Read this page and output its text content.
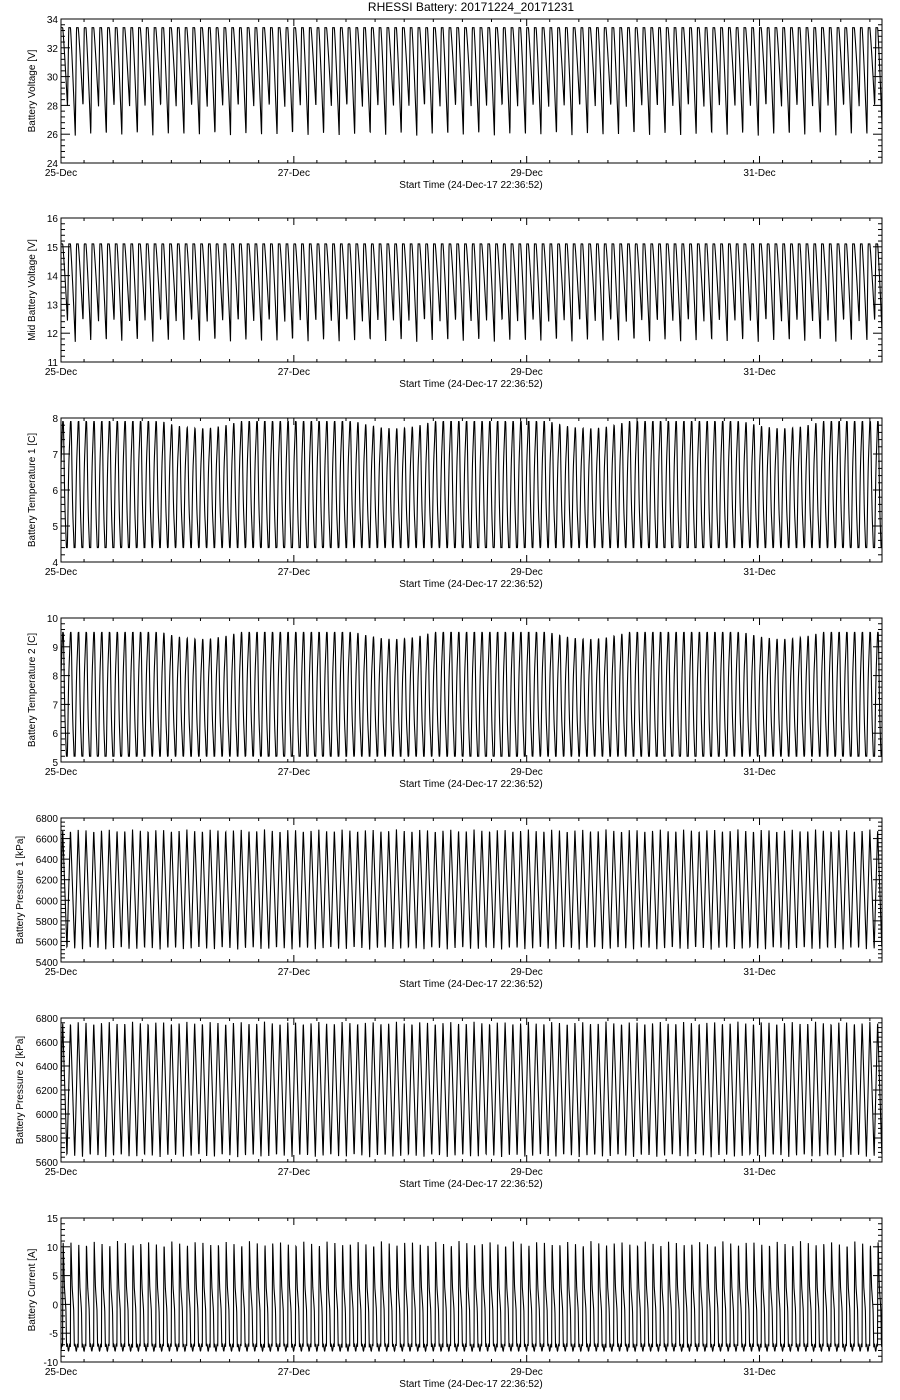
RHESSI Battery: 20171224_20171231
25-Dec	27-Dec	29-Dec	31-Dec
Start Time (24-Dec-17 22:36:52)
24
26
28
30
32
34
Battery Voltage [V]
25-Dec	27-Dec	29-Dec	31-Dec
Start Time (24-Dec-17 22:36:52)
11
12
13
14
15
16
Mid Battery Voltage [V]
25-Dec	27-Dec	29-Dec	31-Dec
Start Time (24-Dec-17 22:36:52)
4
5
6
7
8
Battery Temperature 1 [C]
25-Dec	27-Dec	29-Dec	31-Dec
Start Time (24-Dec-17 22:36:52)
5
6
7
8
9
10
Battery Temperature 2 [C]
25-Dec	27-Dec	29-Dec	31-Dec
Start Time (24-Dec-17 22:36:52)
5400
5600
5800
6000
6200
6400
6600
6800
Battery Pressure 1 [kPa]
25-Dec	27-Dec	29-Dec	31-Dec
Start Time (24-Dec-17 22:36:52)
5600
5800
6000
6200
6400
6600
6800
Battery Pressure 2 [kPa]
25-Dec	27-Dec	29-Dec	31-Dec
Start Time (24-Dec-17 22:36:52)
-10
-5
0
5
10
15
Battery Current [A]
